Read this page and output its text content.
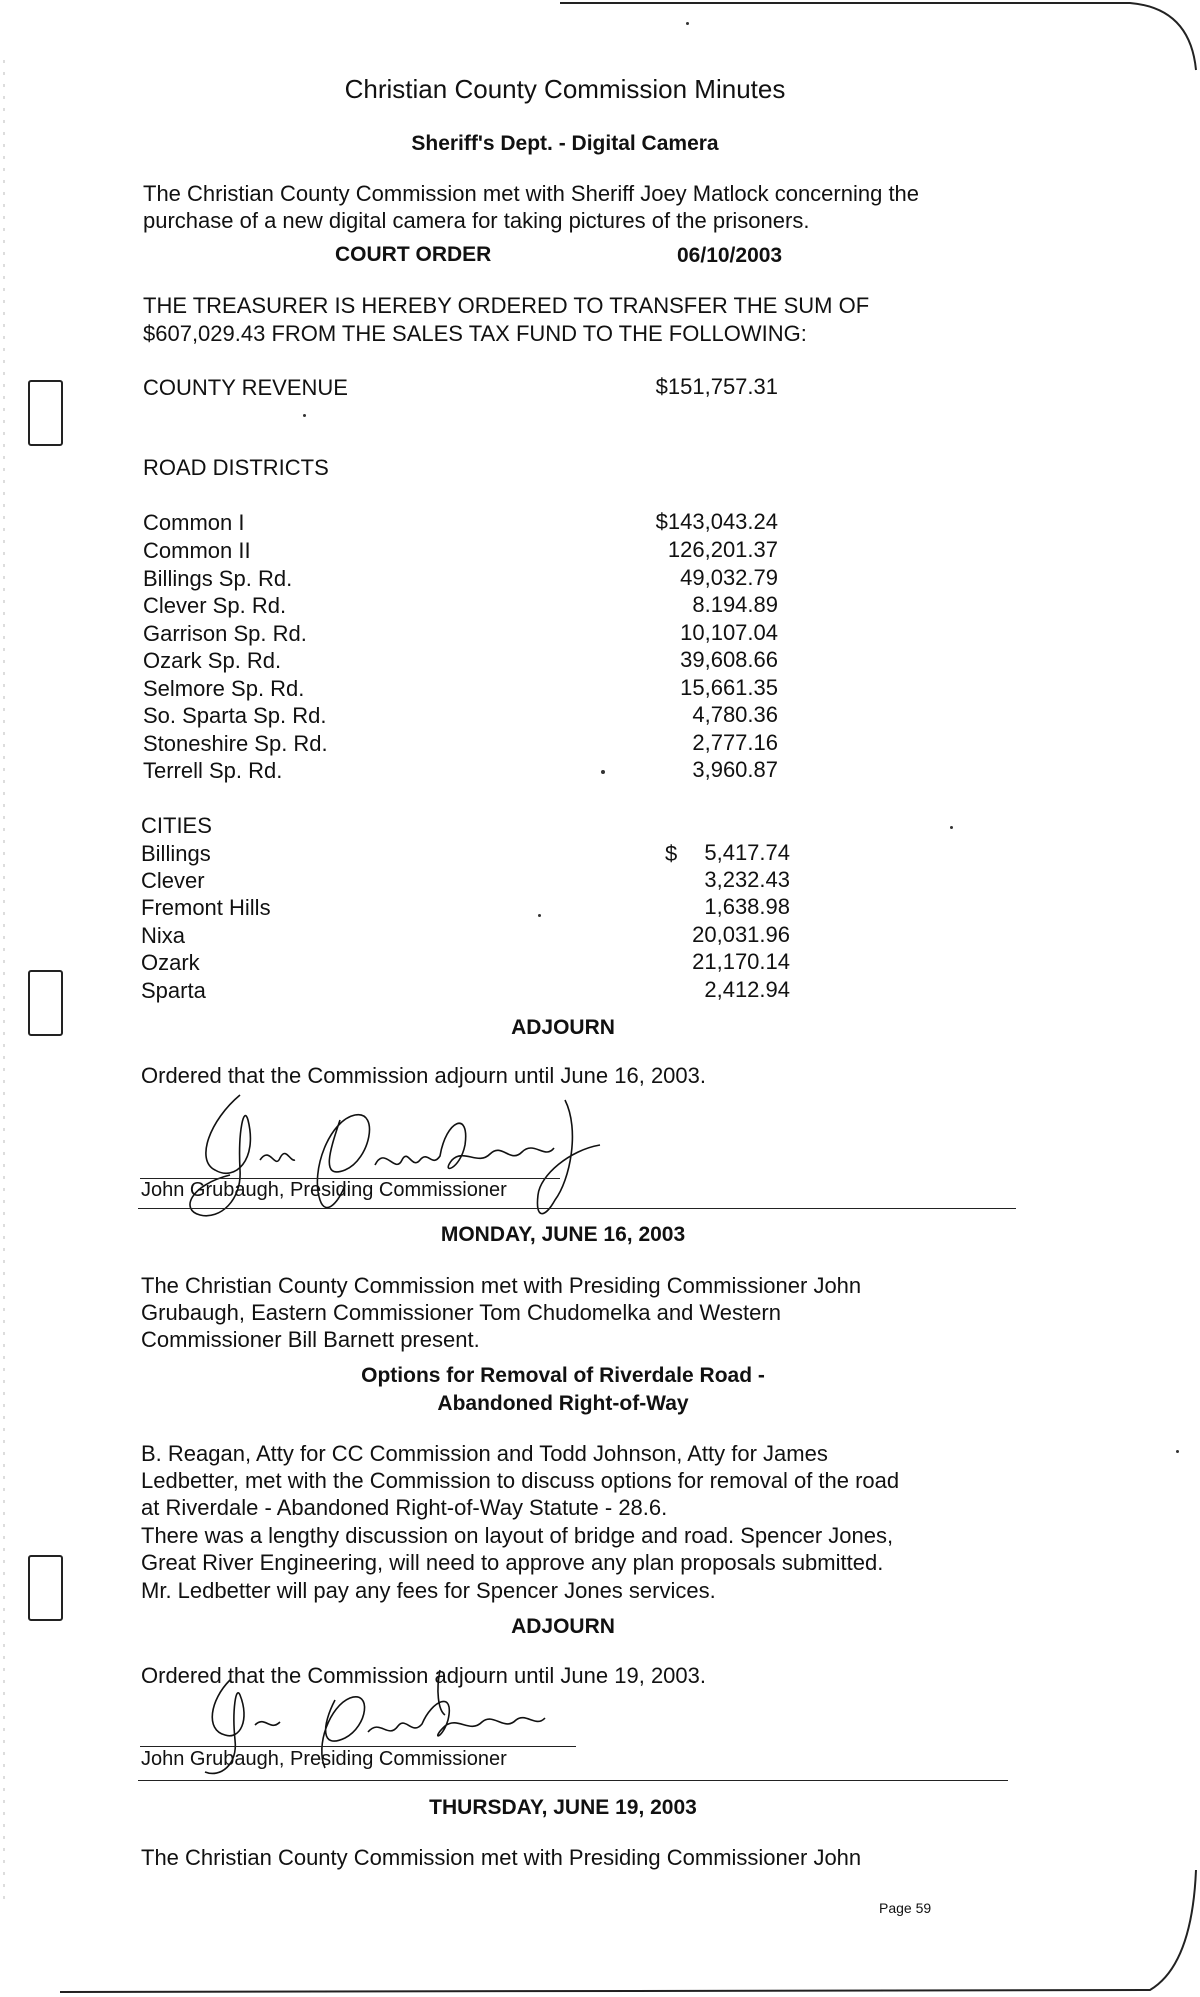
Christian County Commission Minutes
Sheriff's Dept. - Digital Camera
The Christian County Commission met with Sheriff Joey Matlock concerning the
purchase of a new digital camera for taking pictures of the prisoners.
COURT ORDER	06/10/2003
THE TREASURER IS HEREBY ORDERED TO TRANSFER THE SUM OF
$607,029.43 FROM THE SALES TAX FUND TO THE FOLLOWING:
COUNTY REVENUE	$151,757.31
ROAD DISTRICTS
Common I	$143,043.24
Common II	126,201.37
Billings Sp. Rd.	49,032.79
Clever Sp. Rd.	8.194.89
Garrison Sp. Rd.	10,107.04
Ozark Sp. Rd.	39,608.66
Selmore Sp. Rd.	15,661.35
So. Sparta Sp. Rd.	4,780.36
Stoneshire Sp. Rd.	2,777.16
Terrell Sp. Rd.	3,960.87
CITIES
Billings	$	5,417.74
Clever	3,232.43
Fremont Hills	1,638.98
Nixa	20,031.96
Ozark	21,170.14
Sparta	2,412.94
ADJOURN
Ordered that the Commission adjourn until June 16, 2003.
John Grubaugh, Presiding Commissioner
MONDAY, JUNE 16, 2003
The Christian County Commission met with Presiding Commissioner John
Grubaugh, Eastern Commissioner Tom Chudomelka and Western
Commissioner Bill Barnett present.
Options for Removal of Riverdale Road -
Abandoned Right-of-Way
B. Reagan, Atty for CC Commission and Todd Johnson, Atty for James
Ledbetter, met with the Commission to discuss options for removal of the road
at Riverdale - Abandoned Right-of-Way Statute - 28.6.
There was a lengthy discussion on layout of bridge and road. Spencer Jones,
Great River Engineering, will need to approve any plan proposals submitted.
Mr. Ledbetter will pay any fees for Spencer Jones services.
ADJOURN
Ordered that the Commission adjourn until June 19, 2003.
John Grubaugh, Presiding Commissioner
THURSDAY, JUNE 19, 2003
The Christian County Commission met with Presiding Commissioner John
Page 59
